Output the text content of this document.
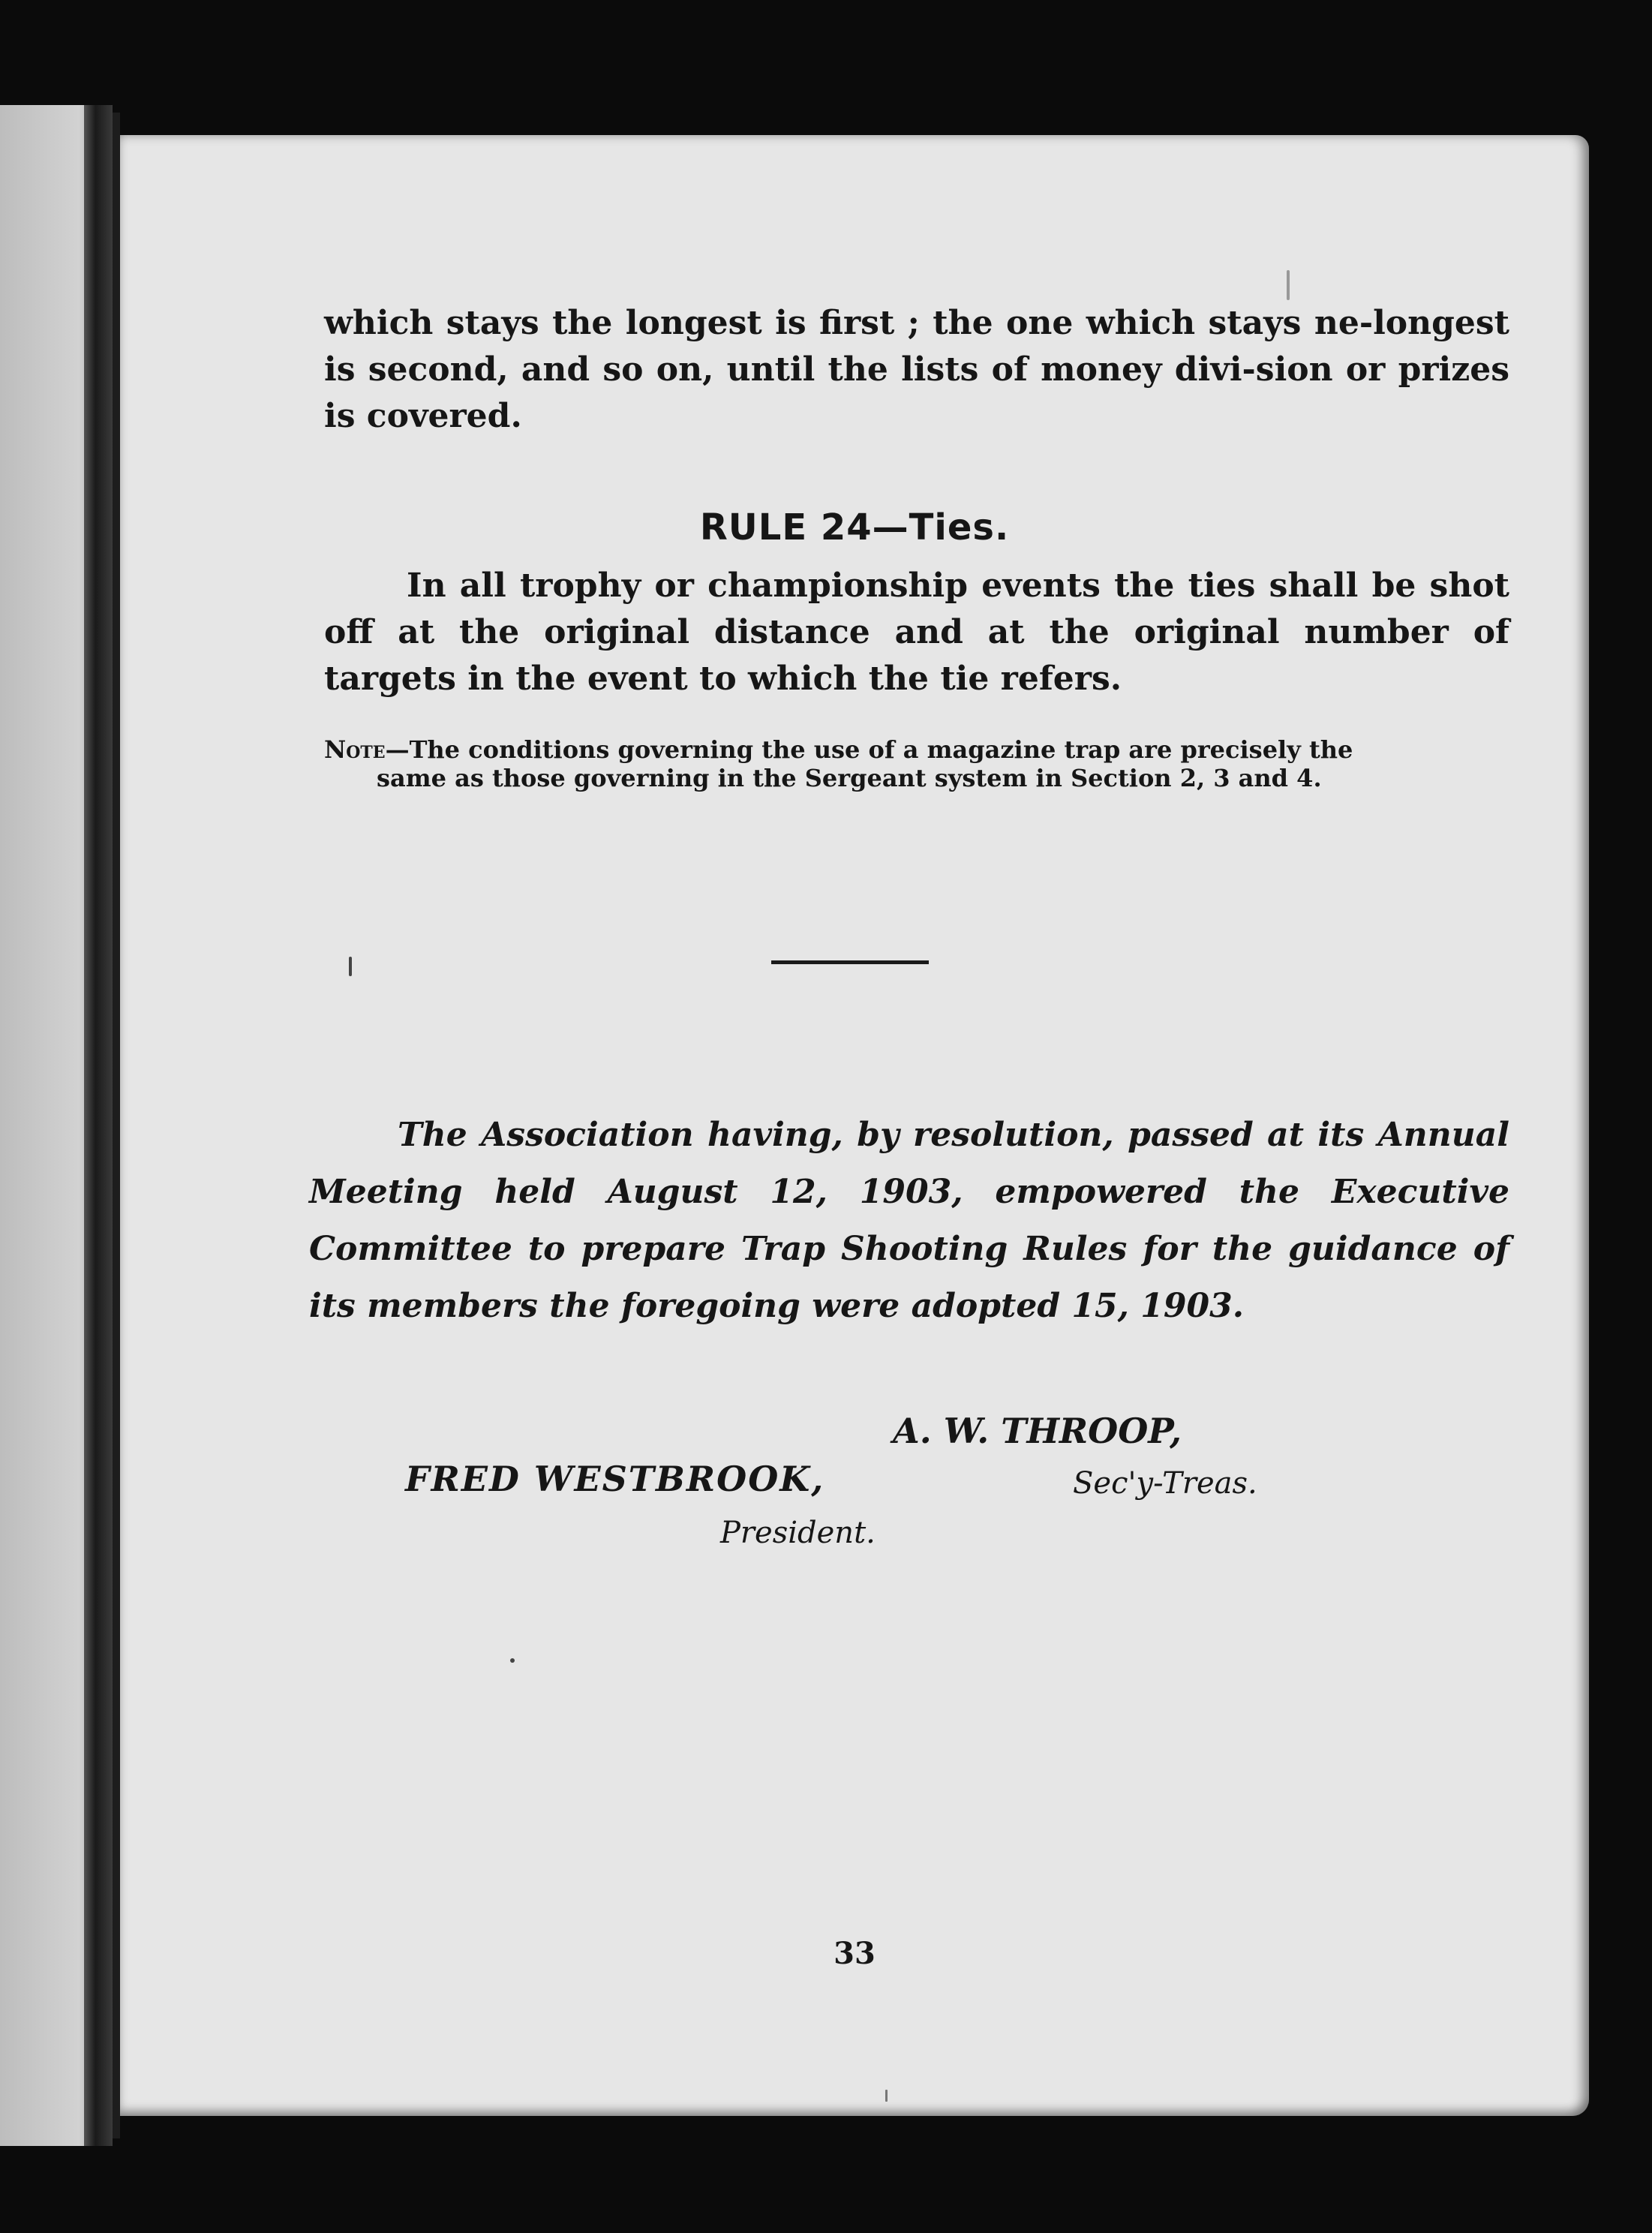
which stays the longest is first ; the one which stays ne-longest is second, and so on, until the lists of money divi-sion or prizes is covered.
RULE 24—Ties.
In all trophy or championship events the ties shall be shot off at the original distance and at the original number of targets in the event to which the tie refers.
Note—The conditions governing the use of a magazine trap are precisely the
same as those governing in the Sergeant system in Section 2, 3 and 4.
The Association having, by resolution, passed at its Annual Meeting held August 12, 1903, empowered the Executive Committee to prepare Trap Shooting Rules for the guidance of its members the foregoing were adopted 15, 1903.
A. W. THROOP,
Sec'y-Treas.
FRED WESTBROOK,
President.
33
